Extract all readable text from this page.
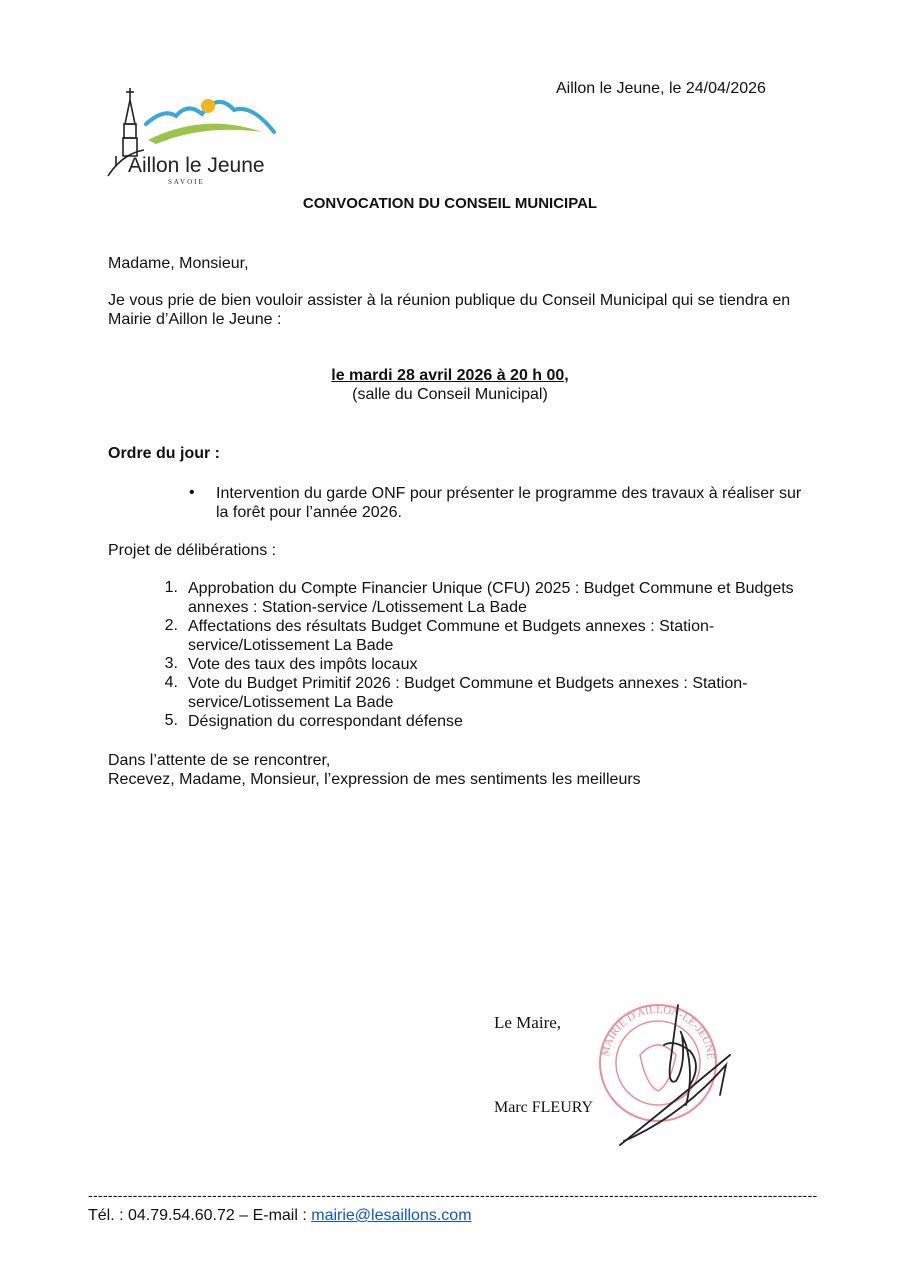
Aillon le Jeune
SAVOIE
Aillon le Jeune, le 24/04/2026
CONVOCATION DU CONSEIL MUNICIPAL
Madame, Monsieur,
Je vous prie de bien vouloir assister à la réunion publique du Conseil Municipal qui se tiendra en Mairie d’Aillon le Jeune :
le mardi 28 avril 2026 à 20 h 00,
(salle du Conseil Municipal)
Ordre du jour :
• Intervention du garde ONF pour présenter le programme des travaux à réaliser sur la forêt pour l’année 2026.
Projet de délibérations :
1. Approbation du Compte Financier Unique (CFU) 2025 : Budget Commune et Budgets annexes : Station-service /Lotissement La Bade
2. Affectations des résultats Budget Commune et Budgets annexes : Station-service/Lotissement La Bade
3. Vote des taux des impôts locaux
4. Vote du Budget Primitif 2026 : Budget Commune et Budgets annexes : Station-service/Lotissement La Bade
5. Désignation du correspondant défense
Dans l’attente de se rencontrer,
Recevez, Madame, Monsieur, l’expression de mes sentiments les meilleurs
Le Maire,
Marc FLEURY
MAIRIE D'AILLON-LE-JEUNE
---------------------------------------------------------------------------------------------------------------------------------------------------
Tél. : 04.79.54.60.72 – E-mail : mairie@lesaillons.com
